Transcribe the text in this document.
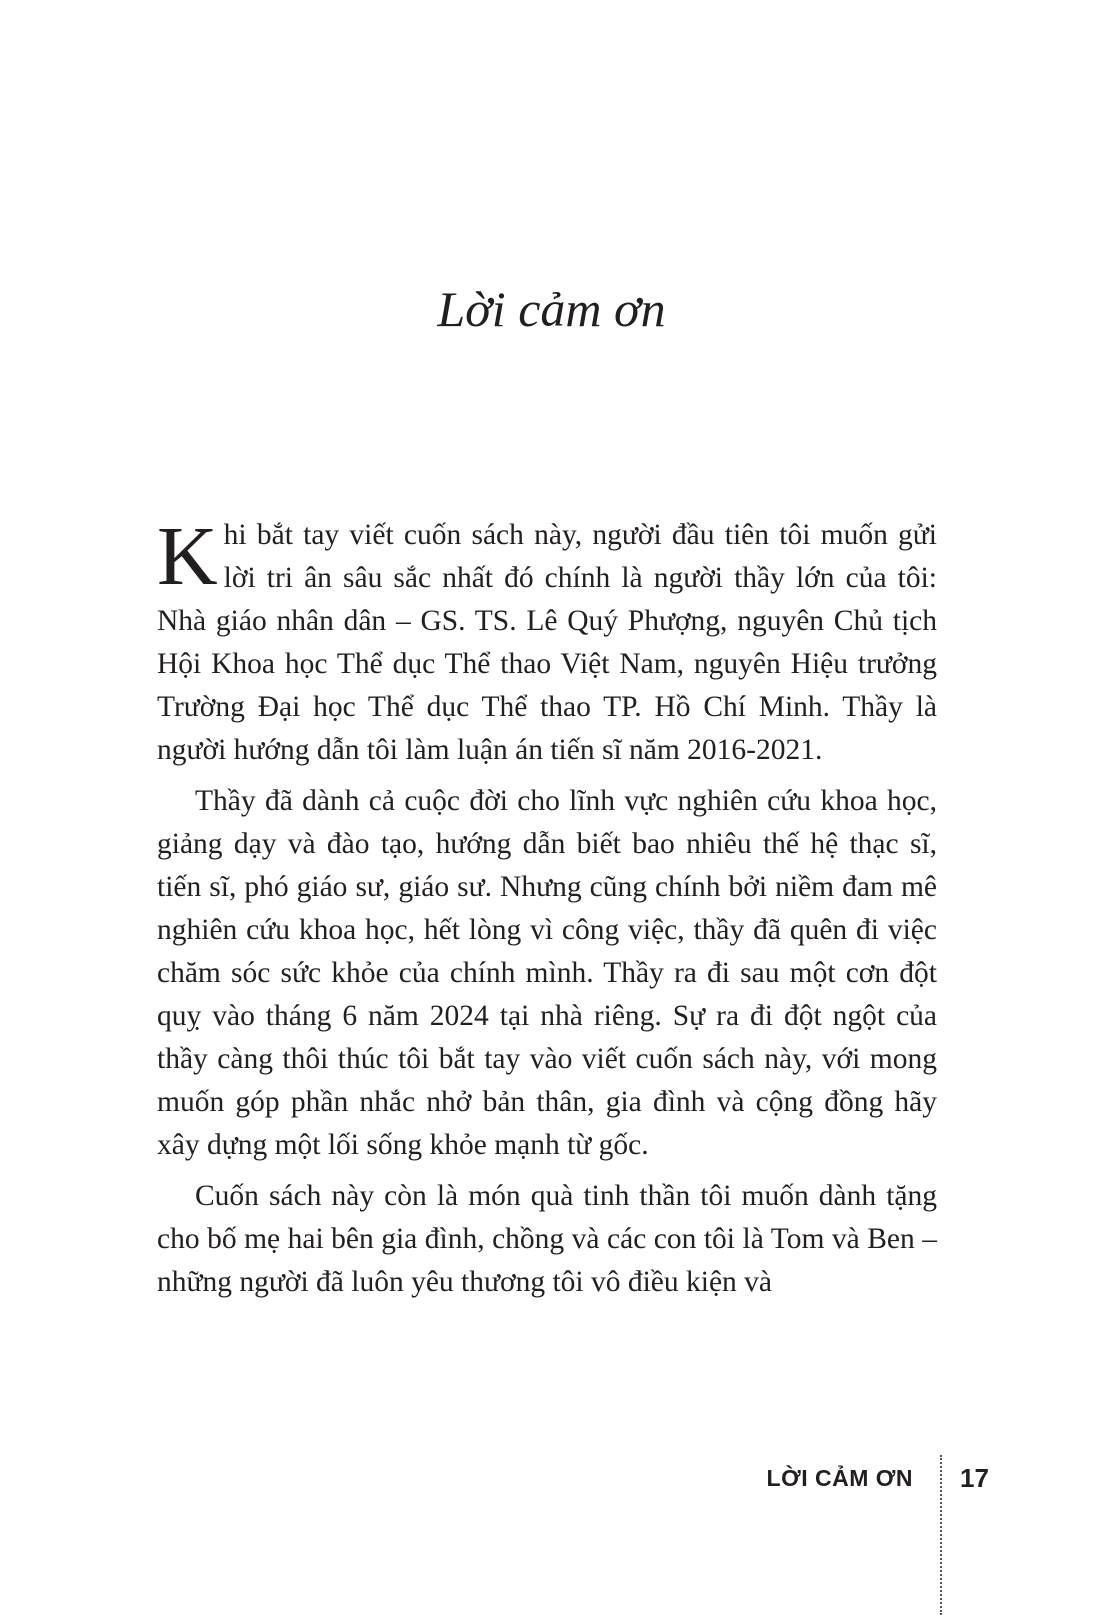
Lời cảm ơn

Khi bắt tay viết cuốn sách này, người đầu tiên tôi muốn gửi lời tri ân sâu sắc nhất đó chính là người thầy lớn của tôi: Nhà giáo nhân dân – GS. TS. Lê Quý Phượng, nguyên Chủ tịch Hội Khoa học Thể dục Thể thao Việt Nam, nguyên Hiệu trưởng Trường Đại học Thể dục Thể thao TP. Hồ Chí Minh. Thầy là người hướng dẫn tôi làm luận án tiến sĩ năm 2016-2021.

Thầy đã dành cả cuộc đời cho lĩnh vực nghiên cứu khoa học, giảng dạy và đào tạo, hướng dẫn biết bao nhiêu thế hệ thạc sĩ, tiến sĩ, phó giáo sư, giáo sư. Nhưng cũng chính bởi niềm đam mê nghiên cứu khoa học, hết lòng vì công việc, thầy đã quên đi việc chăm sóc sức khỏe của chính mình. Thầy ra đi sau một cơn đột quỵ vào tháng 6 năm 2024 tại nhà riêng. Sự ra đi đột ngột của thầy càng thôi thúc tôi bắt tay vào viết cuốn sách này, với mong muốn góp phần nhắc nhở bản thân, gia đình và cộng đồng hãy xây dựng một lối sống khỏe mạnh từ gốc.

Cuốn sách này còn là món quà tinh thần tôi muốn dành tặng cho bố mẹ hai bên gia đình, chồng và các con tôi là Tom và Ben – những người đã luôn yêu thương tôi vô điều kiện và

LỜI CẢM ƠN 17
